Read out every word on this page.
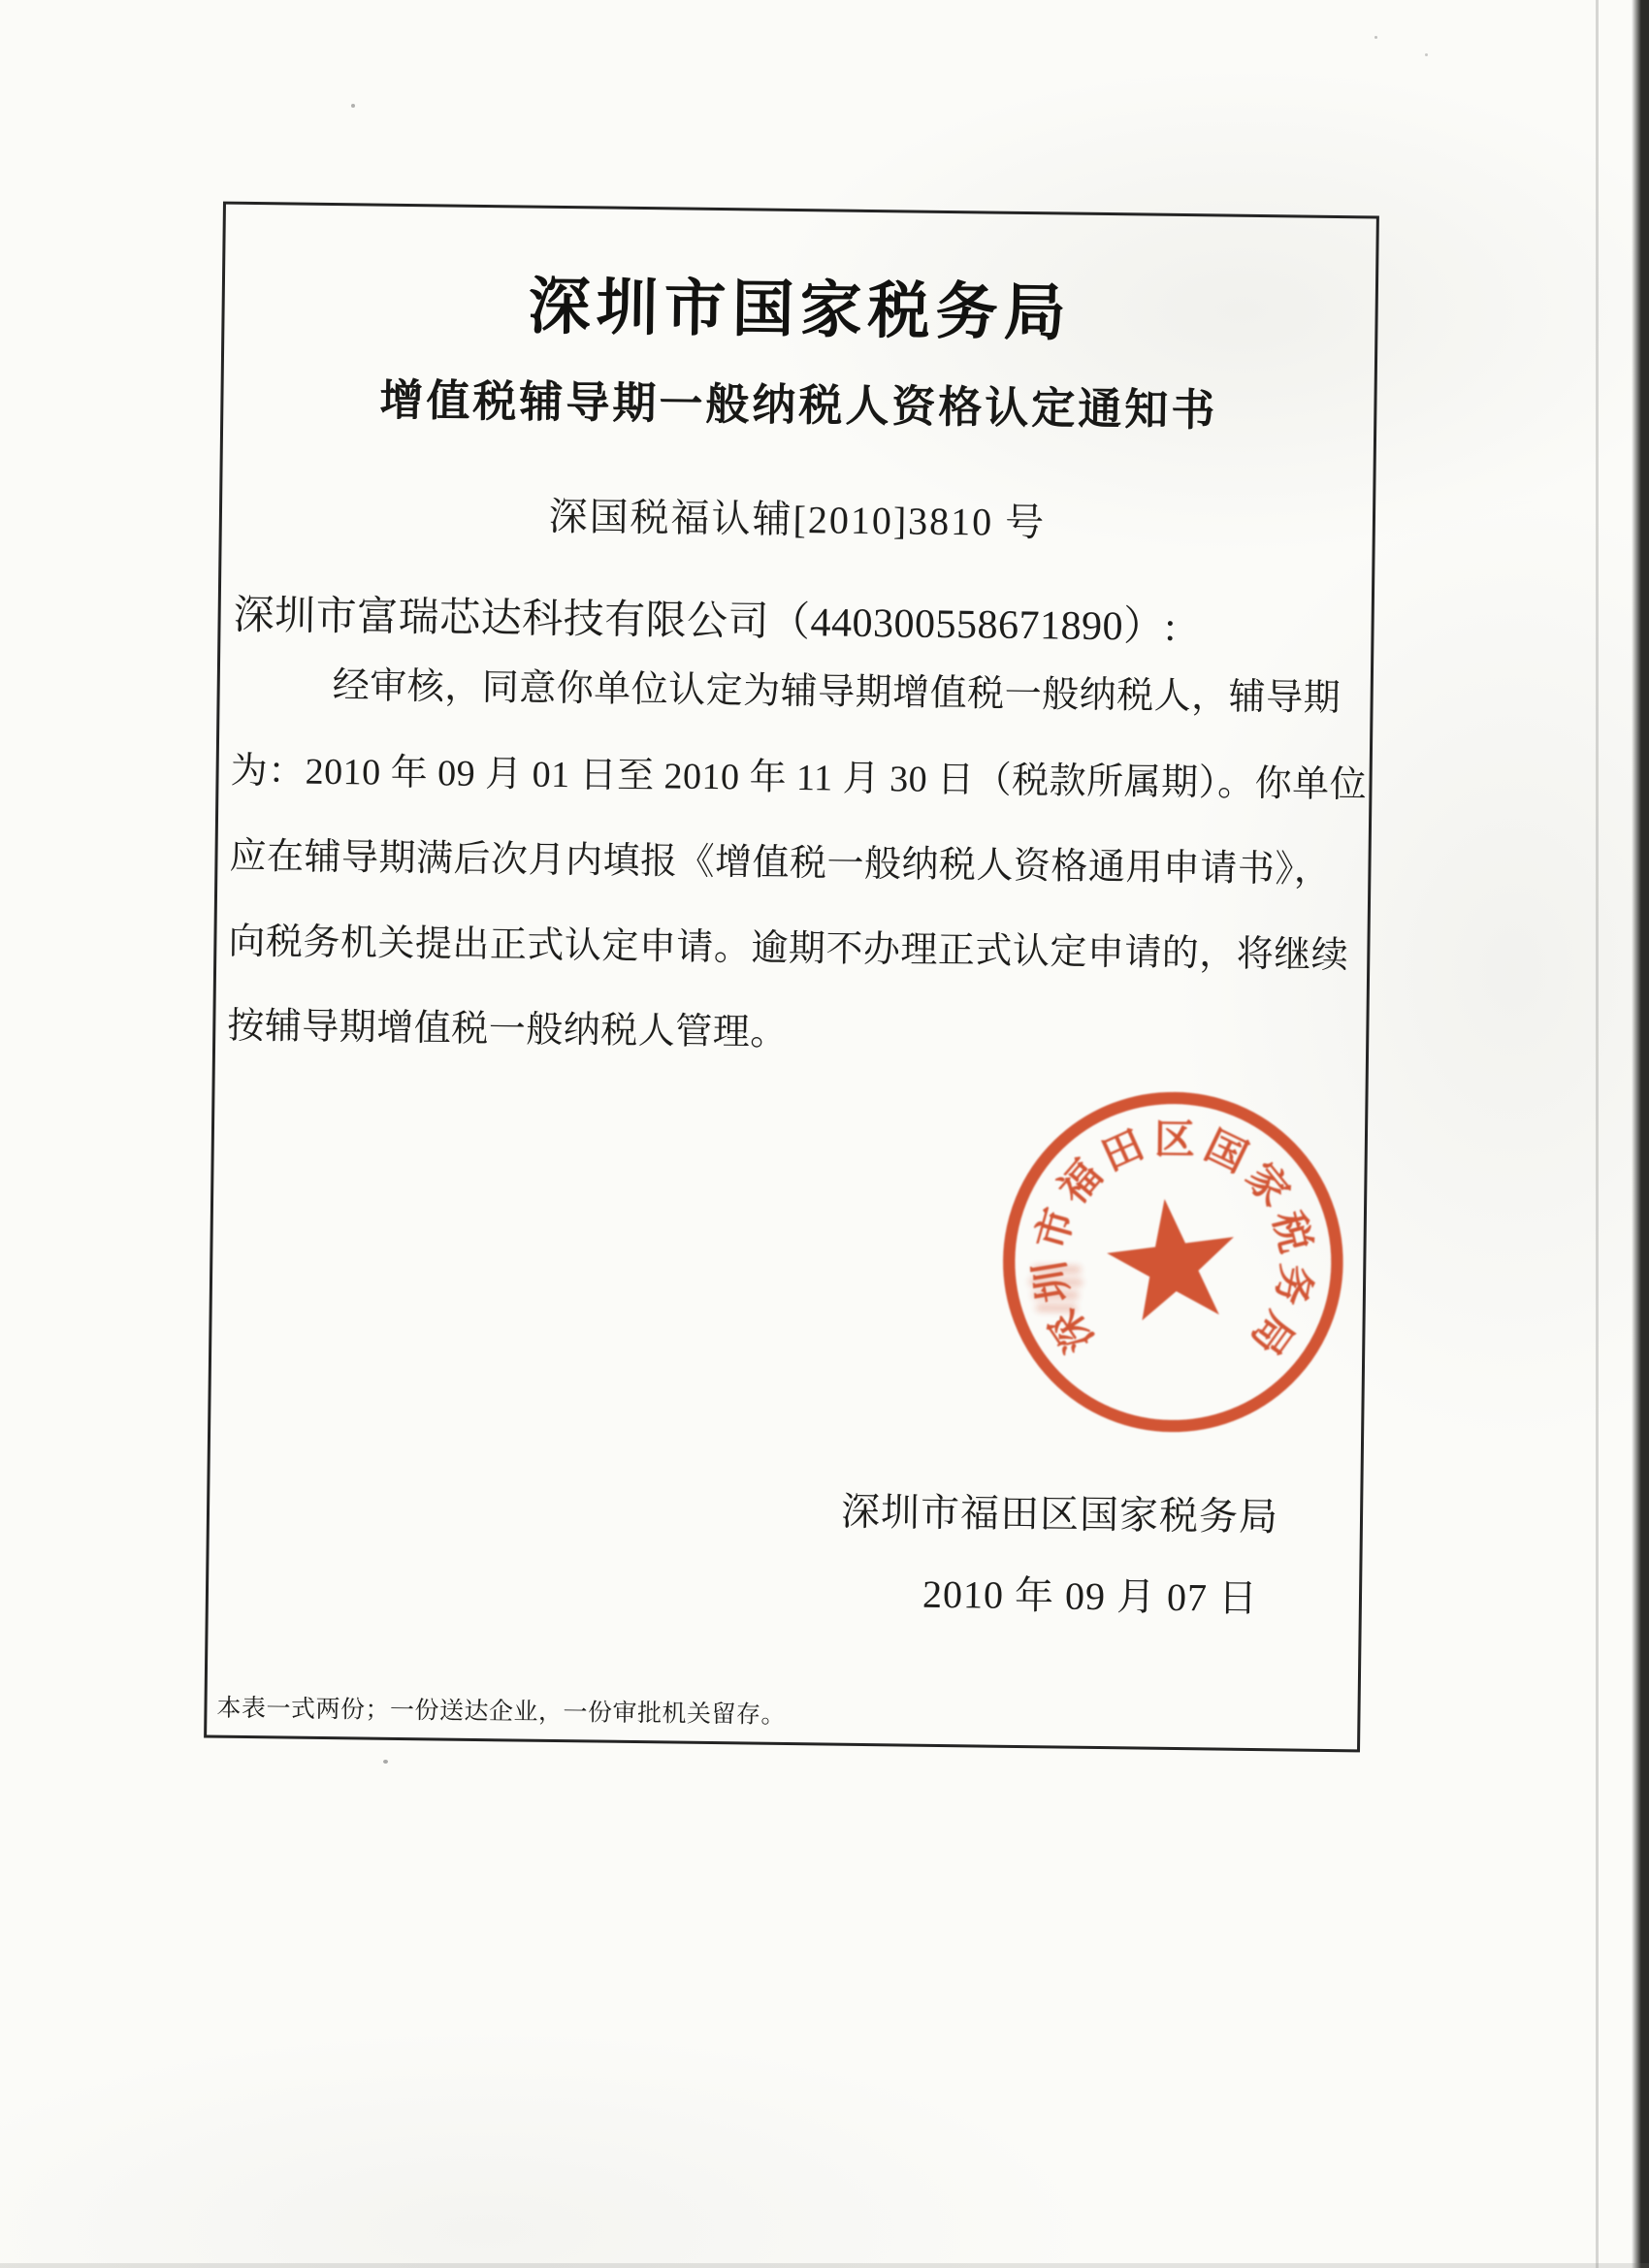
深圳市国家税务局
增值税辅导期一般纳税人资格认定通知书
深国税福认辅[2010]3810 号
深圳市富瑞芯达科技有限公司（440300558671890）:
经审核，同意你单位认定为辅导期增值税一般纳税人，辅导期
为：2010 年 09 月 01 日至 2010 年 11 月 30 日（税款所属期）。你单位
应在辅导期满后次月内填报《增值税一般纳税人资格通用申请书》，
向税务机关提出正式认定申请。逾期不办理正式认定申请的，将继续
按辅导期增值税一般纳税人管理。
深
圳
市
福
田 区 国
家
税
务
局
深圳市福田区国家税务局
2010 年 09 月 07 日
本表一式两份；一份送达企业，一份审批机关留存。
